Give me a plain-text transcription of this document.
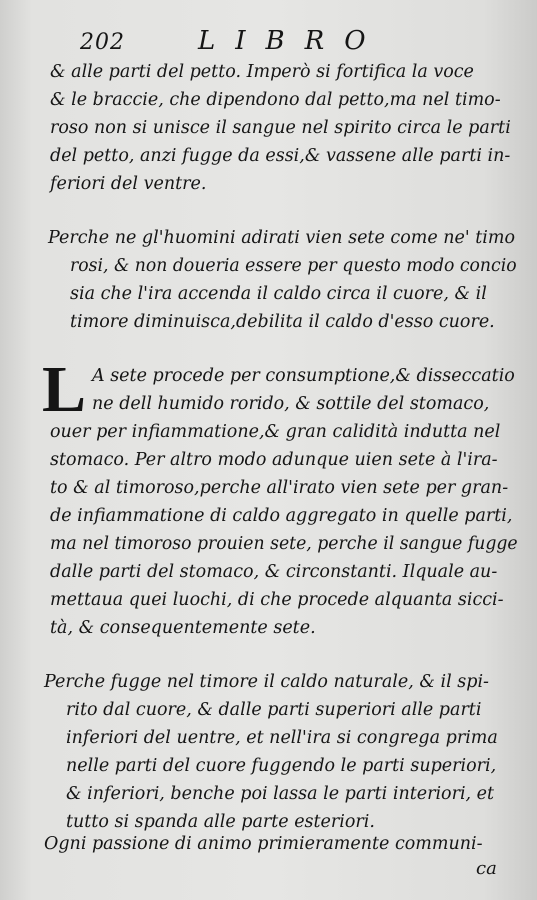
202	LIBRO
& alle parti del petto. Imperò si fortifica la voce
& le braccie, che dipendono dal petto,ma nel timo-
roso non si unisce il sangue nel spirito circa le parti
del petto, anzi fugge da essi,& vassene alle parti in-
feriori del ventre.
Perche ne gl'huomini adirati vien sete come ne' timo
rosi, & non doueria essere per questo modo concio
sia che l'ira accenda il caldo circa il cuore, & il
timore diminuisca,debilita il caldo d'esso cuore.
L A sete procede per consumptione,& disseccatio
ne dell humido rorido, & sottile del stomaco,
ouer per infiammatione,& gran calidità indutta nel
stomaco. Per altro modo adunque uien sete à l'ira-
to & al timoroso,perche all'irato vien sete per gran-
de infiammatione di caldo aggregato in quelle parti,
ma nel timoroso prouien sete, perche il sangue fugge
dalle parti del stomaco, & circonstanti. Ilquale au-
mettaua quei luochi, di che procede alquanta sicci-
tà, & consequentemente sete.
Perche fugge nel timore il caldo naturale, & il spi-
rito dal cuore, & dalle parti superiori alle parti
inferiori del uentre, et nell'ira si congrega prima
nelle parti del cuore fuggendo le parti superiori,
& inferiori, benche poi lassa le parti interiori, et
tutto si spanda alle parte esteriori.
Ogni passione di animo primieramente communi-
ca
